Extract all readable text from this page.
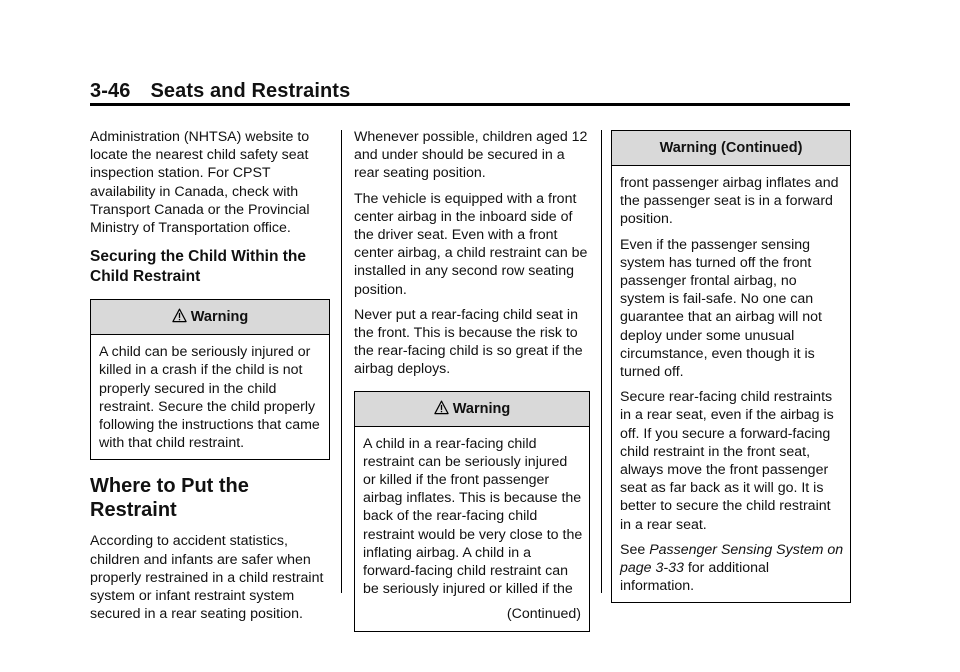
3-46 Seats and Restraints

Administration (NHTSA) website to locate the nearest child safety seat inspection station. For CPST availability in Canada, check with Transport Canada or the Provincial Ministry of Transportation office.

Securing the Child Within the Child Restraint
Warning

A child can be seriously injured or killed in a crash if the child is not properly secured in the child restraint. Secure the child properly following the instructions that came with that child restraint.

Where to Put the Restraint

According to accident statistics, children and infants are safer when properly restrained in a child restraint system or infant restraint system secured in a rear seating position.

Whenever possible, children aged 12 and under should be secured in a rear seating position.

The vehicle is equipped with a front center airbag in the inboard side of the driver seat. Even with a front center airbag, a child restraint can be installed in any second row seating position.

Never put a rear-facing child seat in the front. This is because the risk to the rear-facing child is so great if the airbag deploys.

Warning

A child in a rear-facing child restraint can be seriously injured or killed if the front passenger airbag inflates. This is because the back of the rear-facing child restraint would be very close to the inflating airbag. A child in a forward-facing child restraint can be seriously injured or killed if the

(Continued)

Warning (Continued)

front passenger airbag inflates and the passenger seat is in a forward position.

Even if the passenger sensing system has turned off the front passenger frontal airbag, no system is fail-safe. No one can guarantee that an airbag will not deploy under some unusual circumstance, even though it is turned off.

Secure rear-facing child restraints in a rear seat, even if the airbag is off. If you secure a forward-facing child restraint in the front seat, always move the front passenger seat as far back as it will go. It is better to secure the child restraint in a rear seat.

See Passenger Sensing System on page 3-33 for additional information.
